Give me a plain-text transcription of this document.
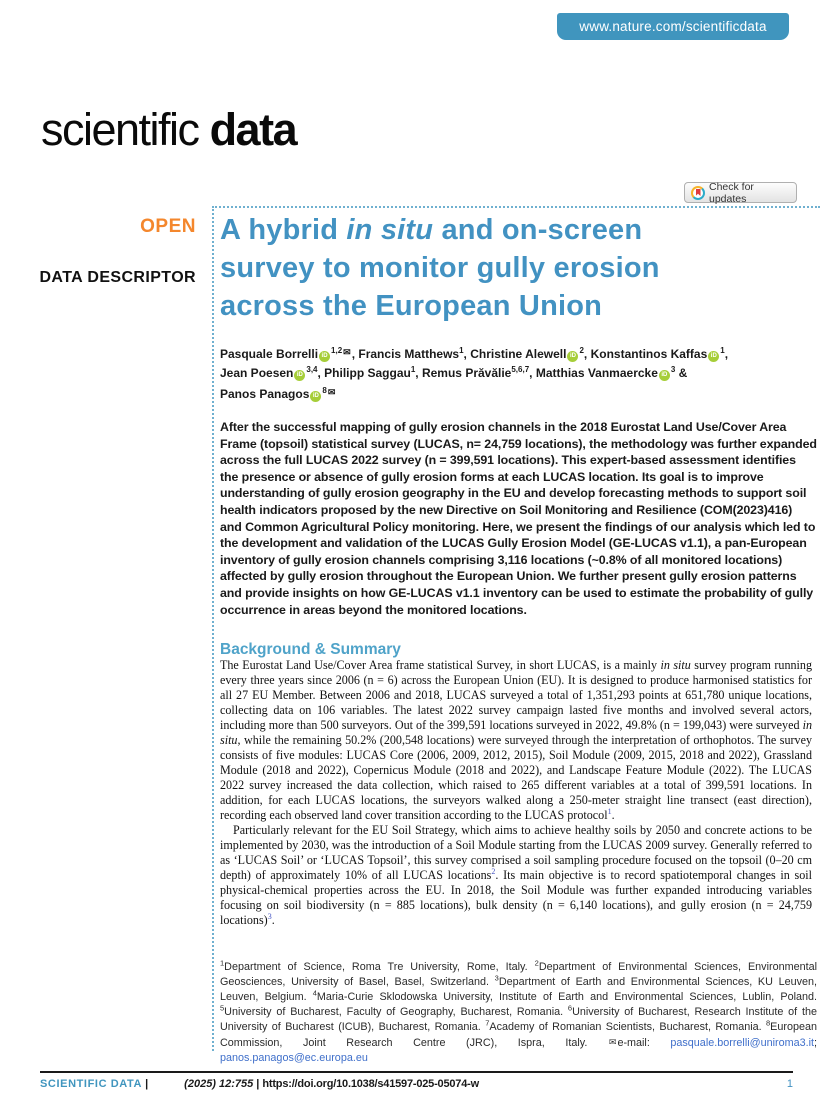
www.nature.com/scientificdata
scientific data
Check for updates
OPEN
DATA DESCRIPTOR
A hybrid in situ and on-screen
survey to monitor gully erosion
across the European Union
Pasquale Borrelli $iD^{1,2✉}$, Francis Matthews$^1$, Christine Alewell $iD^2$, Konstantinos Kaffas $iD^1$,
Jean Poesen iD$^{3,4}$, Philipp Saggau$^1$, Remus Prăvălie$^{5,6,7}$, Matthias Vanmaercke $iD^3$ &
Panos Panagos $iD^{8✉}$
After the successful mapping of gully erosion channels in the 2018 Eurostat Land Use/Cover Area Frame (topsoil) statistical survey (LUCAS, n= 24,759 locations), the methodology was further expanded across the full LUCAS 2022 survey (n = 399,591 locations). This expert-based assessment identifies the presence or absence of gully erosion forms at each LUCAS location. Its goal is to improve understanding of gully erosion geography in the EU and develop forecasting methods to support soil health indicators proposed by the new Directive on Soil Monitoring and Resilience (COM(2023)416) and Common Agricultural Policy monitoring. Here, we present the findings of our analysis which led to the development and validation of the LUCAS Gully Erosion Model (GE-LUCAS v1.1), a pan-European inventory of gully erosion channels comprising 3,116 locations (~0.8% of all monitored locations) affected by gully erosion throughout the European Union. We further present gully erosion patterns and provide insights on how GE-LUCAS v1.1 inventory can be used to estimate the probability of gully occurrence in areas beyond the monitored locations.
Background & Summary

The Eurostat Land Use/Cover Area frame statistical Survey, in short LUCAS, is a mainly in situ survey program running every three years since 2006 (n = 6) across the European Union (EU). It is designed to produce harmonised statistics for all 27 EU Member. Between 2006 and 2018, LUCAS surveyed a total of 1,351,293 points at 651,780 unique locations, collecting data on 106 variables. The latest 2022 survey campaign lasted five months and involved several actors, including more than 500 surveyors. Out of the 399,591 locations surveyed in 2022, 49.8% (n = 199,043) were surveyed in situ, while the remaining 50.2% (200,548 locations) were surveyed through the interpretation of orthophotos. The survey consists of five modules: LUCAS Core (2006, 2009, 2012, 2015), Soil Module (2009, 2015, 2018 and 2022), Grassland Module (2018 and 2022), Copernicus Module (2018 and 2022), and Landscape Feature Module (2022). The LUCAS 2022 survey increased the data collection, which raised to 265 different variables at a total of 399,591 locations. In addition, for each LUCAS locations, the surveyors walked along a 250-meter straight line transect (east direction), recording each observed land cover transition according to the LUCAS protocol$^1$.

Particularly relevant for the EU Soil Strategy, which aims to achieve healthy soils by 2050 and concrete actions to be implemented by 2030, was the introduction of a Soil Module starting from the LUCAS 2009 survey. Generally referred to as ‘LUCAS Soil’ or ‘LUCAS Topsoil’, this survey comprised a soil sampling procedure focused on the topsoil (0–20 cm depth) of approximately 10% of all LUCAS locations$^2$. Its main objective is to record spatiotemporal changes in soil physical-chemical properties across the EU. In 2018, the Soil Module was further expanded introducing variables focusing on soil biodiversity (n = 885 locations), bulk density (n = 6,140 locations), and gully erosion (n = 24,759 locations)$^3$.

$^1$Department of Science, Roma Tre University, Rome, Italy. $^2$Department of Environmental Sciences, Environmental Geosciences, University of Basel, Basel, Switzerland. $^3$Department of Earth and Environmental Sciences, KU Leuven, Leuven, Belgium. $^4$Maria-Curie Sklodowska University, Institute of Earth and Environmental Sciences, Lublin, Poland. $^5$University of Bucharest, Faculty of Geography, Bucharest, Romania. $^6$University of Bucharest, Research Institute of the University of Bucharest (ICUB), Bucharest, Romania. $^7$Academy of Romanian Scientists, Bucharest, Romania. $^8$European Commission, Joint Research Centre (JRC), Ispra, Italy. ✉e-mail: pasquale.borrelli@uniroma3.it; panos.panagos@ec.europa.eu
SCIENTIFIC DATA |	(2025) 12:755 | https://doi.org/10.1038/s41597-025-05074-w	1
